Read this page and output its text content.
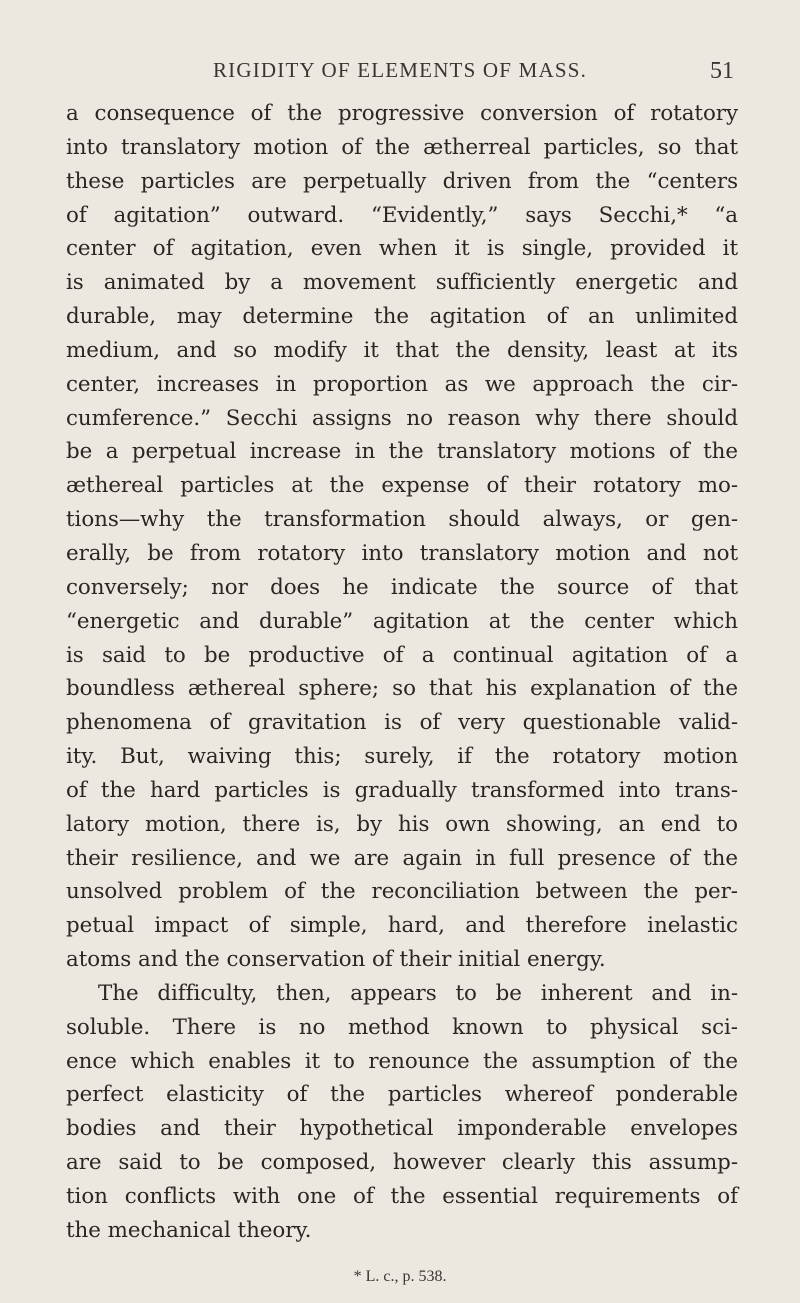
RIGIDITY OF ELEMENTS OF MASS.	51
a consequence of the progressive conversion of rotatory
into translatory motion of the ætherreal particles, so that
these particles are perpetually driven from the “centers
of agitation” outward. “Evidently,” says Secchi,* “a
center of agitation, even when it is single, provided it
is animated by a movement sufficiently energetic and
durable, may determine the agitation of an unlimited
medium, and so modify it that the density, least at its
center, increases in proportion as we approach the cir-
cumference.” Secchi assigns no reason why there should
be a perpetual increase in the translatory motions of the
æthereal particles at the expense of their rotatory mo-
tions—why the transformation should always, or gen-
erally, be from rotatory into translatory motion and not
conversely; nor does he indicate the source of that
“energetic and durable” agitation at the center which
is said to be productive of a continual agitation of a
boundless æthereal sphere; so that his explanation of the
phenomena of gravitation is of very questionable valid-
ity. But, waiving this; surely, if the rotatory motion
of the hard particles is gradually transformed into trans-
latory motion, there is, by his own showing, an end to
their resilience, and we are again in full presence of the
unsolved problem of the reconciliation between the per-
petual impact of simple, hard, and therefore inelastic
atoms and the conservation of their initial energy.
The difficulty, then, appears to be inherent and in-
soluble. There is no method known to physical sci-
ence which enables it to renounce the assumption of the
perfect elasticity of the particles whereof ponderable
bodies and their hypothetical imponderable envelopes
are said to be composed, however clearly this assump-
tion conflicts with one of the essential requirements of
the mechanical theory.
* L. c., p. 538.
